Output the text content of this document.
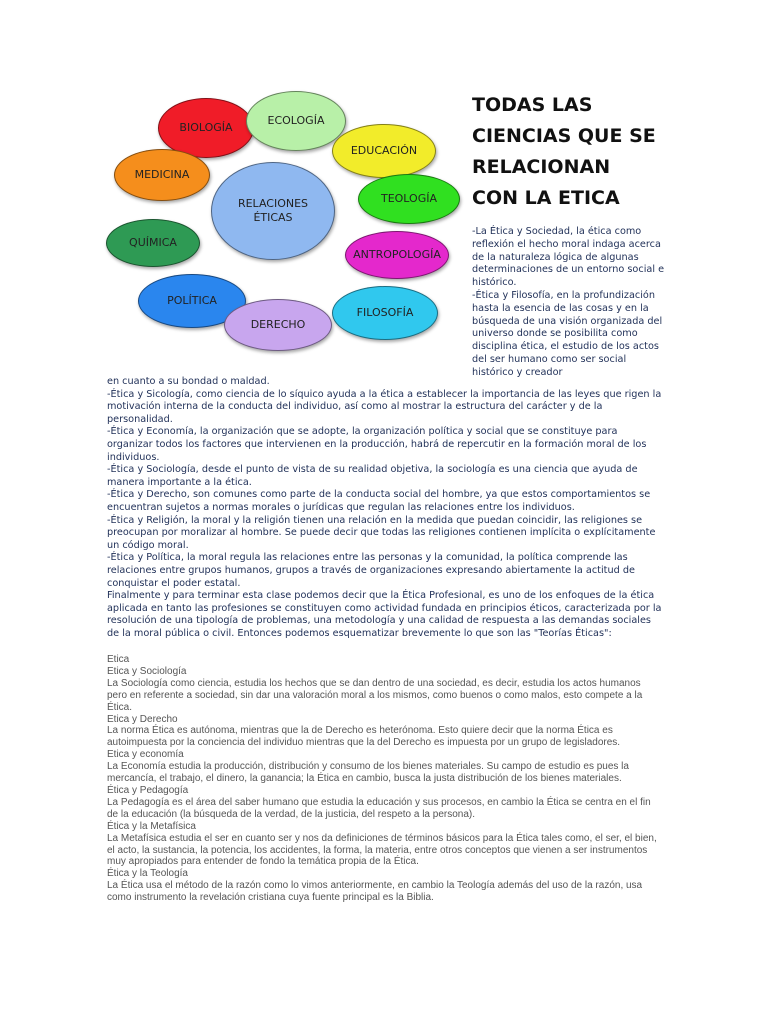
BIOLOGÍA
ECOLOGÍA
EDUCACIÓN
MEDICINA
RELACIONES
ÉTICAS
TEOLOGÍA
QUÍMICA
ANTROPOLOGÍA
POLÍTICA
FILOSOFÍA
DERECHO
TODAS LAS CIENCIAS QUE SE RELACIONAN CON LA ETICA
-La Ética y Sociedad, la ética como reflexión el hecho moral indaga acerca de la naturaleza lógica de algunas determinaciones de un entorno social e histórico.
-Ética y Filosofía, en la profundización hasta la esencia de las cosas y en la búsqueda de una visión organizada del universo donde se posibilita como disciplina ética, el estudio de los actos del ser humano como ser social histórico y creador
en cuanto a su bondad o maldad.
-Ética y Sicología, como ciencia de lo síquico ayuda a la ética a establecer la importancia de las leyes que rigen la motivación interna de la conducta del individuo, así como al mostrar la estructura del carácter y de la personalidad.
-Ética y Economía, la organización que se adopte, la organización política y social que se constituye para organizar todos los factores que intervienen en la producción, habrá de repercutir en la formación moral de los individuos.
-Ética y Sociología, desde el punto de vista de su realidad objetiva, la sociología es una ciencia que ayuda de manera importante a la ética.
-Ética y Derecho, son comunes como parte de la conducta social del hombre, ya que estos comportamientos se encuentran sujetos a normas morales o jurídicas que regulan las relaciones entre los individuos.
-Ética y Religión, la moral y la religión tienen una relación en la medida que puedan coincidir, las religiones se preocupan por moralizar al hombre. Se puede decir que todas las religiones contienen implícita o explícitamente un código moral.
-Ética y Política, la moral regula las relaciones entre las personas y la comunidad, la política comprende las relaciones entre grupos humanos, grupos a través de organizaciones expresando abiertamente la actitud de conquistar el poder estatal.
Finalmente y para terminar esta clase podemos decir que la Ética Profesional, es uno de los enfoques de la ética aplicada en tanto las profesiones se constituyen como actividad fundada en principios éticos, caracterizada por la resolución de una tipología de problemas, una metodología y una calidad de respuesta a las demandas sociales de la moral pública o civil. Entonces podemos esquematizar brevemente lo que son las "Teorías Éticas":
Etica
Etica y Sociología
La Sociología como ciencia, estudia los hechos que se dan dentro de una sociedad, es decir, estudia los actos humanos pero en referente a sociedad, sin dar una valoración moral a los mismos, como buenos o como malos, esto compete a la Ética.
Etica y Derecho
La norma Ética es autónoma, mientras que la de Derecho es heterónoma. Esto quiere decir que la norma Ética es autoimpuesta por la conciencia del individuo mientras que la del Derecho es impuesta por un grupo de legisladores.
Etica y economía
La Economía estudia la producción, distribución y consumo de los bienes materiales. Su campo de estudio es pues la mercancía, el trabajo, el dinero, la ganancia; la Ética en cambio, busca la justa distribución de los bienes materiales.
Ética y Pedagogía
La Pedagogía es el área del saber humano que estudia la educación y sus procesos, en cambio la Ética se centra en el fin de la educación (la búsqueda de la verdad, de la justicia, del respeto a la persona).
Ética y la Metafísica
La Metafísica estudia el ser en cuanto ser y nos da definiciones de términos básicos para la Ética tales como, el ser, el bien, el acto, la sustancia, la potencia, los accidentes, la forma, la materia, entre otros conceptos que vienen a ser instrumentos muy apropiados para entender de fondo la temática propia de la Ética.
Ética y la Teología
La Ética usa el método de la razón como lo vimos anteriormente, en cambio la Teología además del uso de la razón, usa como instrumento la revelación cristiana cuya fuente principal es la Biblia.
